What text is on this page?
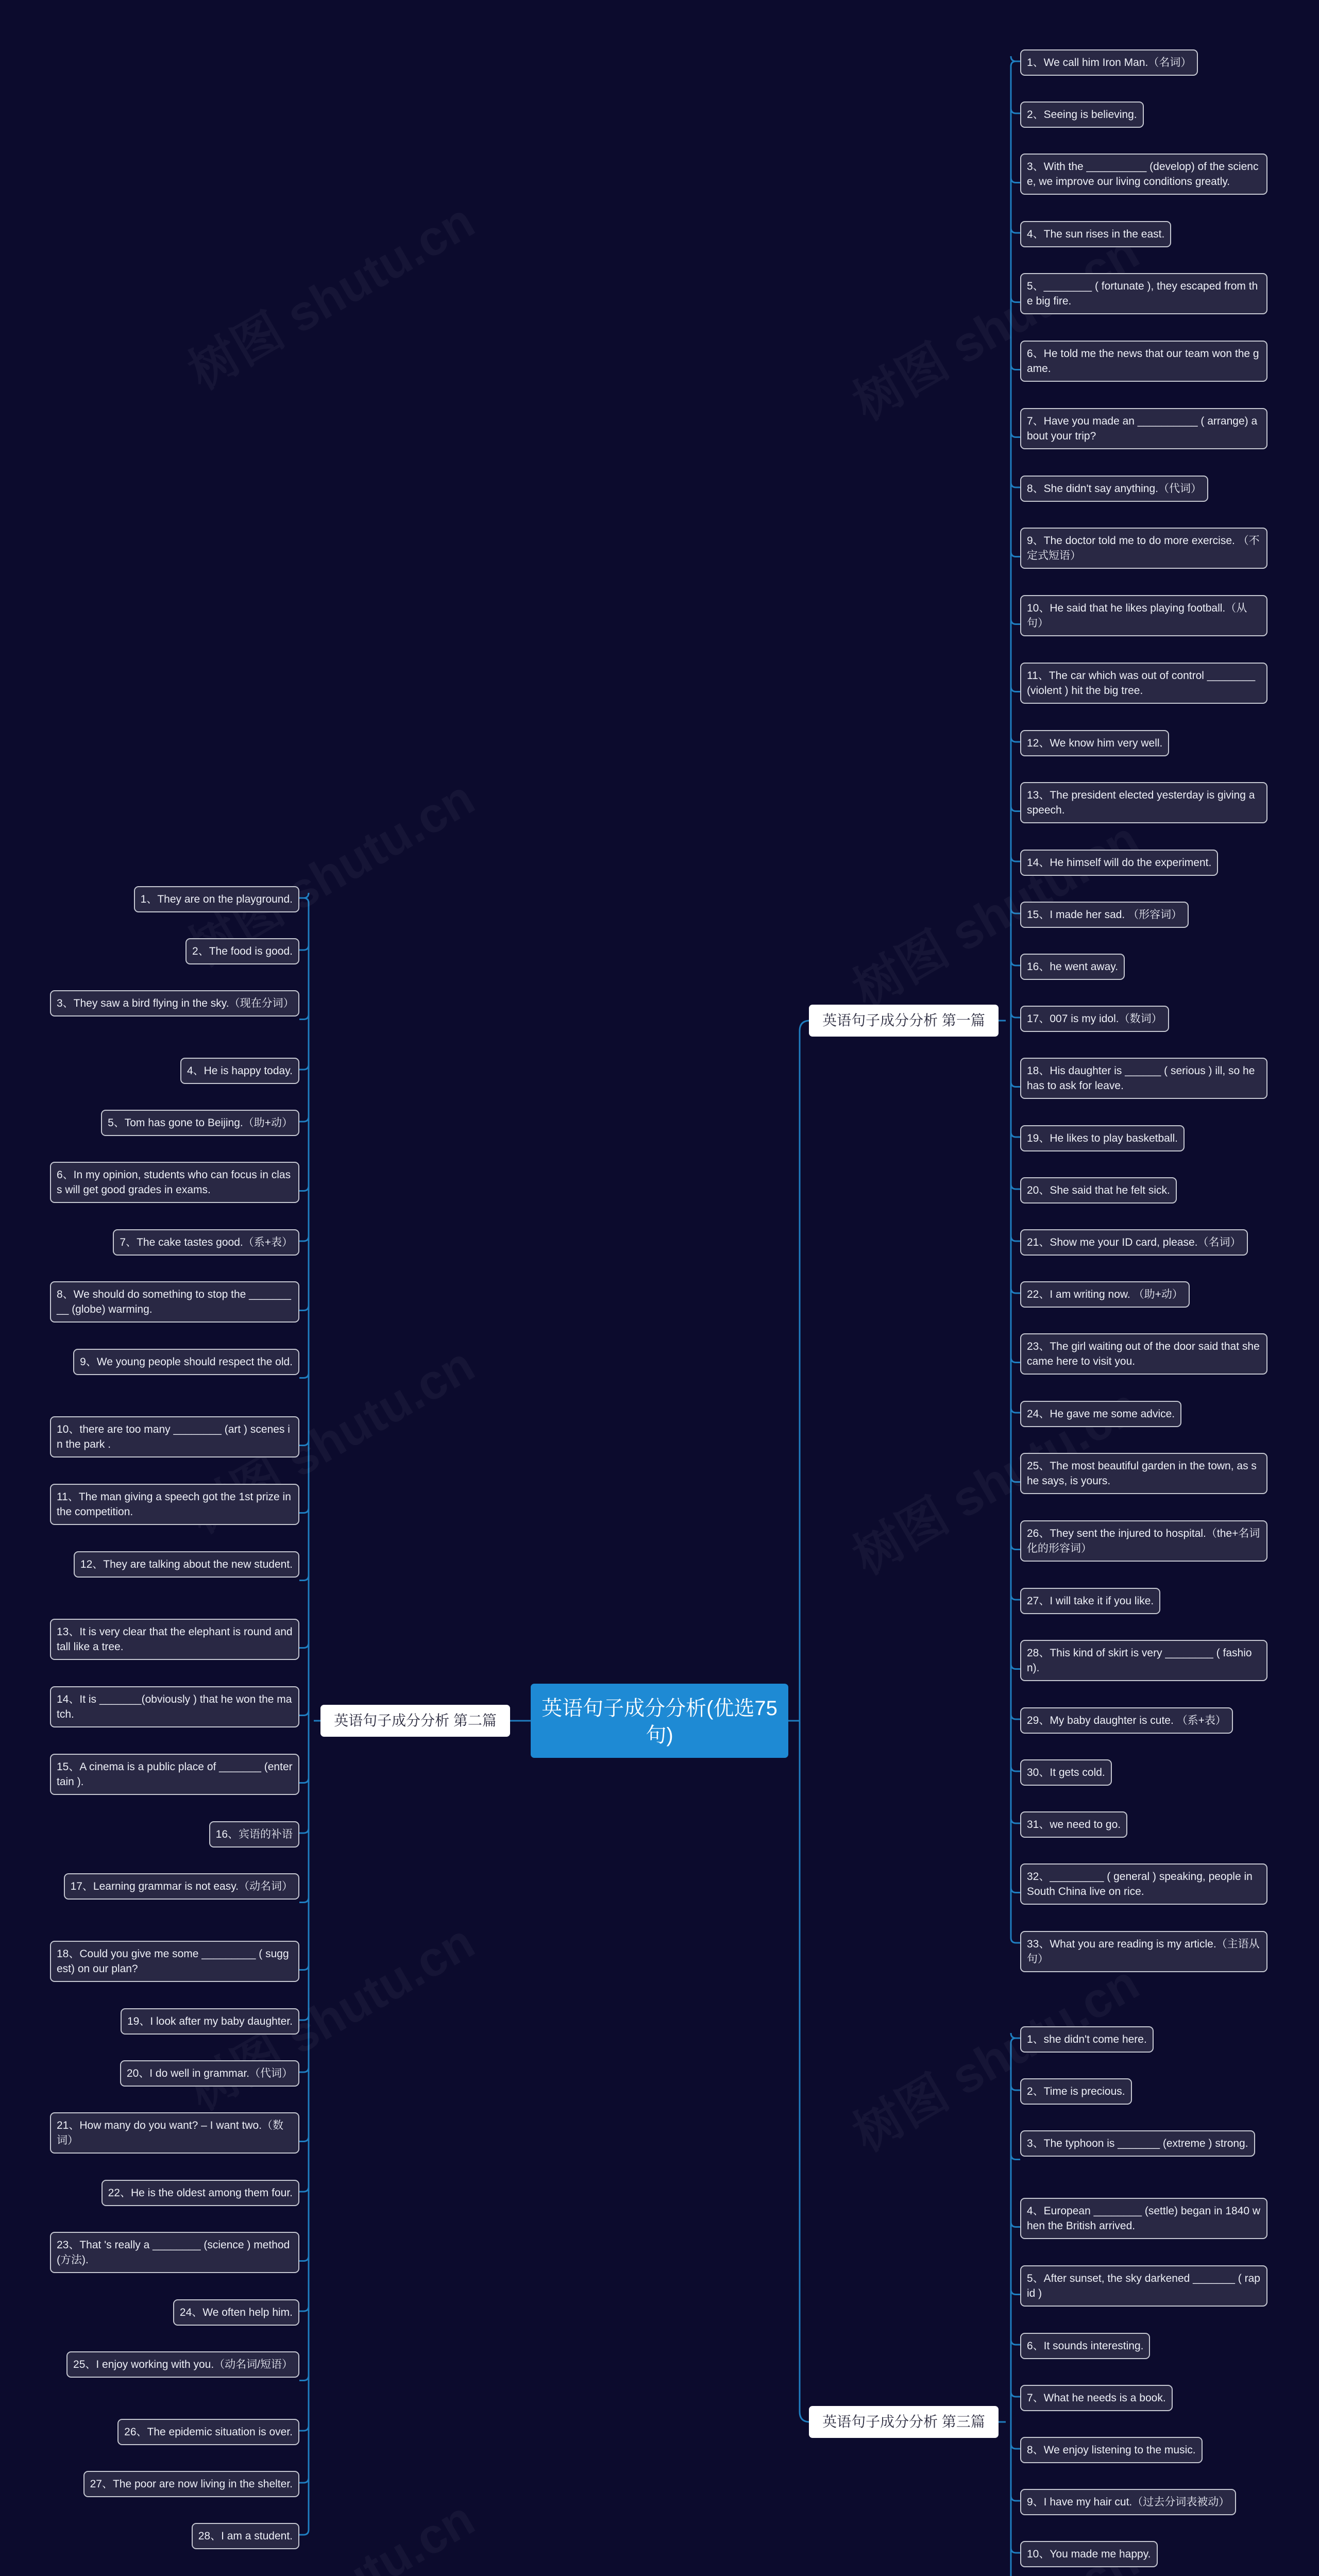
英语句子成分分析(优选75句)
英语句子成分分析 第一篇
英语句子成分分析 第二篇
英语句子成分分析 第三篇
1、We call him Iron Man.（名词）
2、Seeing is believing.
3、With the __________ (develop) of the science, we improve our living conditions greatly.
4、The sun rises in the east.
5、________ ( fortunate ), they escaped from the big fire.
6、He told me the news that our team won the game.
7、Have you made an __________ ( arrange) about your trip?
8、She didn't say anything.（代词）
9、The doctor told me to do more exercise. （不定式短语）
10、He said that he likes playing football.（从句）
11、The car which was out of control ________ (violent ) hit the big tree.
12、We know him very well.
13、The president elected yesterday is giving a speech.
14、He himself will do the experiment.
15、I made her sad. （形容词）
16、he went away.
17、007 is my idol.（数词）
18、His daughter is ______ ( serious ) ill, so he has to ask for leave.
19、He likes to play basketball.
20、She said that he felt sick.
21、Show me your ID card, please.（名词）
22、I am writing now. （助+动）
23、The girl waiting out of the door said that she came here to visit you.
24、He gave me some advice.
25、The most beautiful garden in the town, as she says, is yours.
26、They sent the injured to hospital.（the+名词化的形容词）
27、I will take it if you like.
28、This kind of skirt is very ________ ( fashion).
29、My baby daughter is cute. （系+表）
30、It gets cold.
31、we need to go.
32、_________ ( general ) speaking, people in South China live on rice.
33、What you are reading is my article.（主语从句）
1、They are on the playground.
2、The food is good.
3、They saw a bird flying in the sky.（现在分词）
4、He is happy today.
5、Tom has gone to Beijing.（助+动）
6、In my opinion, students who can focus in class will get good grades in exams.
7、The cake tastes good.（系+表）
8、We should do something to stop the _________ (globe) warming.
9、We young people should respect the old.
10、there are too many ________ (art ) scenes in the park .
11、The man giving a speech got the 1st prize in the competition.
12、They are talking about the new student.
13、It is very clear that the elephant is round and tall like a tree.
14、It is _______(obviously ) that he won the match.
15、A cinema is a public place of _______ (entertain ).
16、宾语的补语
17、Learning grammar is not easy.（动名词）
18、Could you give me some _________ ( suggest) on our plan?
19、I look after my baby daughter.
20、I do well in grammar.（代词）
21、How many do you want? – I want two.（数词）
22、He is the oldest among them four.
23、That 's really a ________ (science ) method(方法).
24、We often help him.
25、I enjoy working with you.（动名词/短语）
26、The epidemic situation is over.
27、The poor are now living in the shelter.
28、I am a student.
1、she didn't come here.
2、Time is precious.
3、The typhoon is _______ (extreme ) strong.
4、European ________ (settle) began in 1840 when the British arrived.
5、After sunset, the sky darkened _______ ( rapid )
6、It sounds interesting.
7、What he needs is a book.
8、We enjoy listening to the music.
9、I have my hair cut.（过去分词表被动）
10、You made me happy.
